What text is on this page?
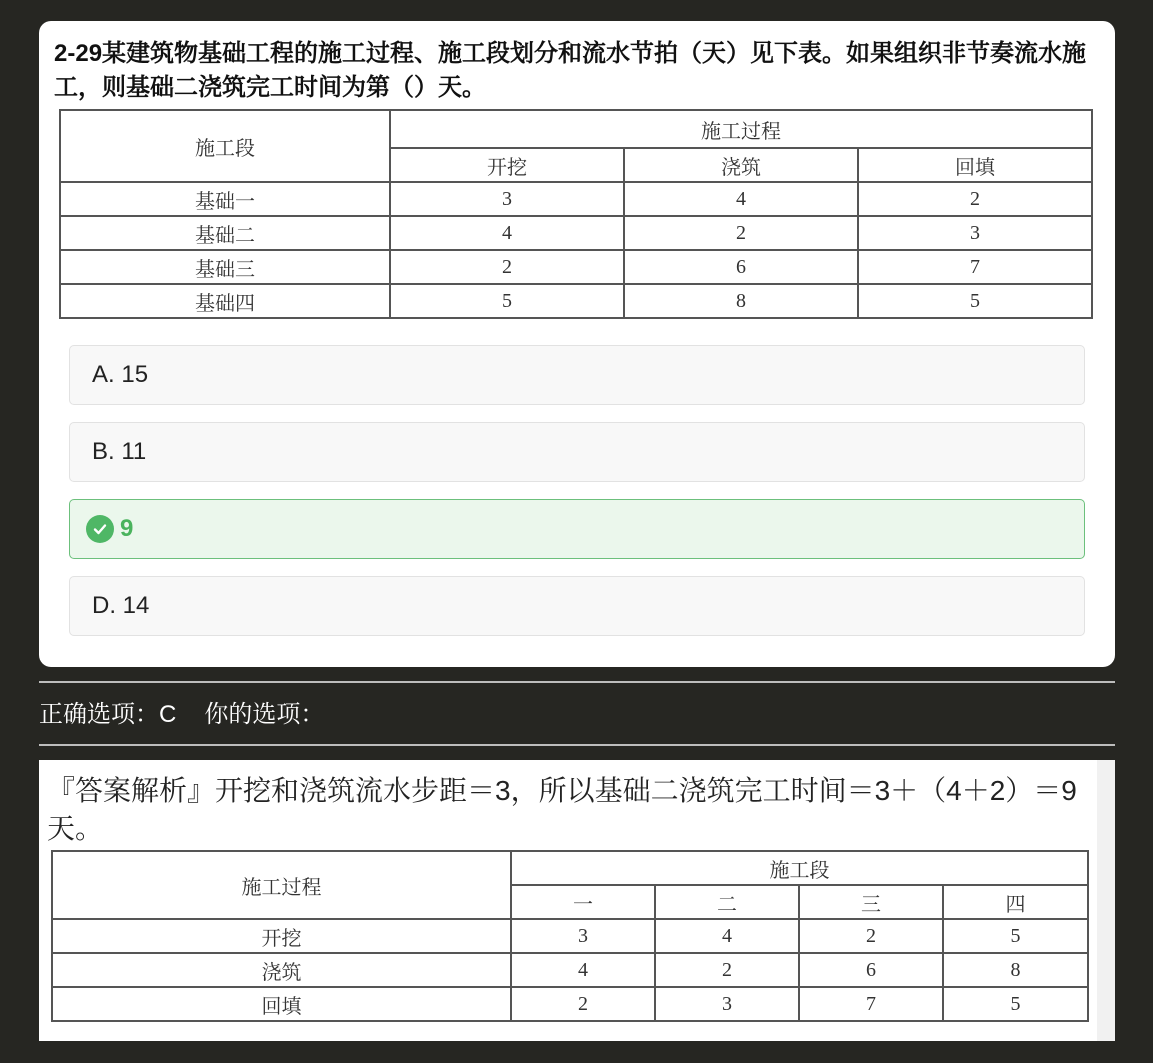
2-29某建筑物基础工程的施工过程、施工段划分和流水节拍（天）见下表。如果组织非节奏流水施工，则基础二浇筑完工时间为第（）天。

施工段	施工过程		
	开挖	浇筑	回填
基础一	3	4	2
基础二	4	2	3
基础三	2	6	7
基础四	5	8	5
A. 15
B. 11
9
D. 14
正确选项：C 你的选项：

『答案解析』开挖和浇筑流水步距＝3，所以基础二浇筑完工时间＝3＋（4＋2）＝9天。

施工过程	施工段			
	一	二	三	四
开挖	3	4	2	5
浇筑	4	2	6	8
回填	2	3	7	5
